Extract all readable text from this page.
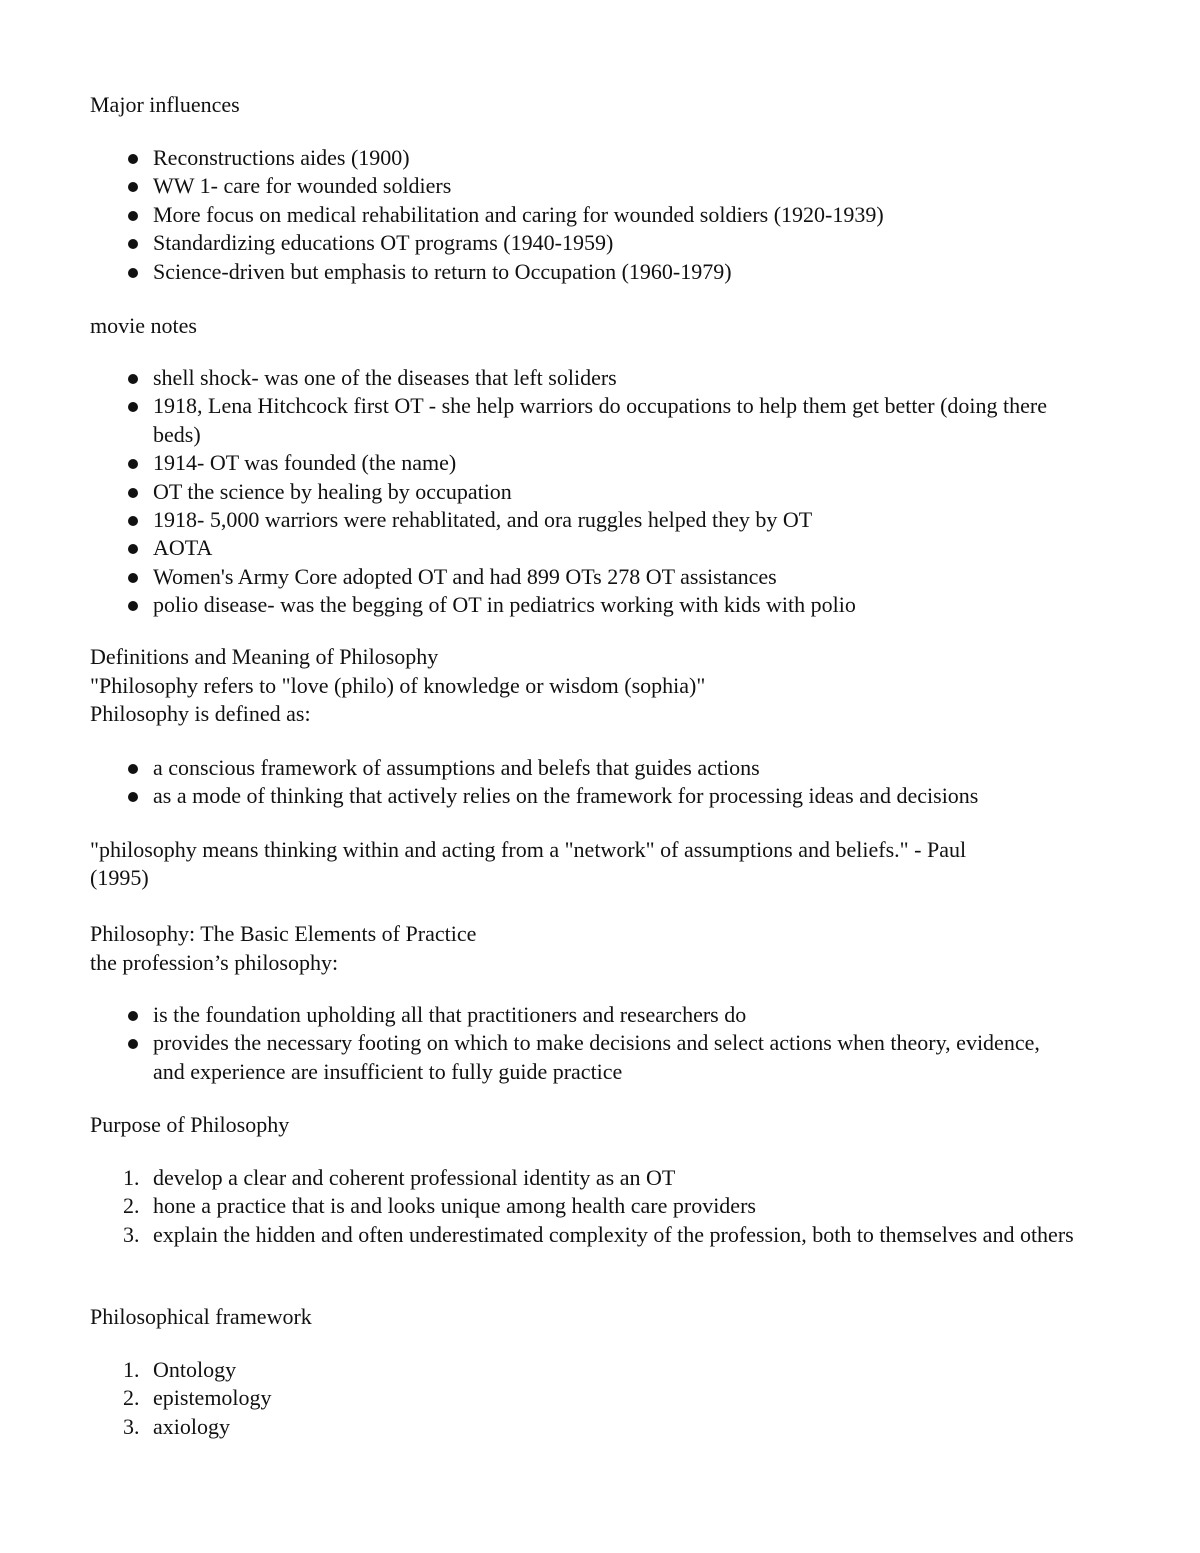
Major influences
Reconstructions aides (1900)
WW 1- care for wounded soldiers
More focus on medical rehabilitation and caring for wounded soldiers (1920-1939)
Standardizing educations OT programs (1940-1959)
Science-driven but emphasis to return to Occupation (1960-1979)
movie notes
shell shock- was one of the diseases that left soliders
1918, Lena Hitchcock first OT - she help warriors do occupations to help them get better (doing there beds)
1914- OT was founded (the name)
OT the science by healing by occupation
1918- 5,000 warriors were rehablitated, and ora ruggles helped they by OT
AOTA
Women's Army Core adopted OT and had 899 OTs 278 OT assistances
polio disease- was the begging of OT in pediatrics working with kids with polio
Definitions and Meaning of Philosophy
"Philosophy refers to "love (philo) of knowledge or wisdom (sophia)"
Philosophy is defined as:
a conscious framework of assumptions and belefs that guides actions
as a mode of thinking that actively relies on the framework for processing ideas and decisions
"philosophy means thinking within and acting from a "network" of assumptions and beliefs." - Paul
(1995)
Philosophy: The Basic Elements of Practice
the profession’s philosophy:
is the foundation upholding all that practitioners and researchers do
provides the necessary footing on which to make decisions and select actions when theory, evidence, and experience are insufficient to fully guide practice
Purpose of Philosophy
1. develop a clear and coherent professional identity as an OT
2. hone a practice that is and looks unique among health care providers
3. explain the hidden and often underestimated complexity of the profession, both to themselves and others
Philosophical framework
1. Ontology
2. epistemology
3. axiology
